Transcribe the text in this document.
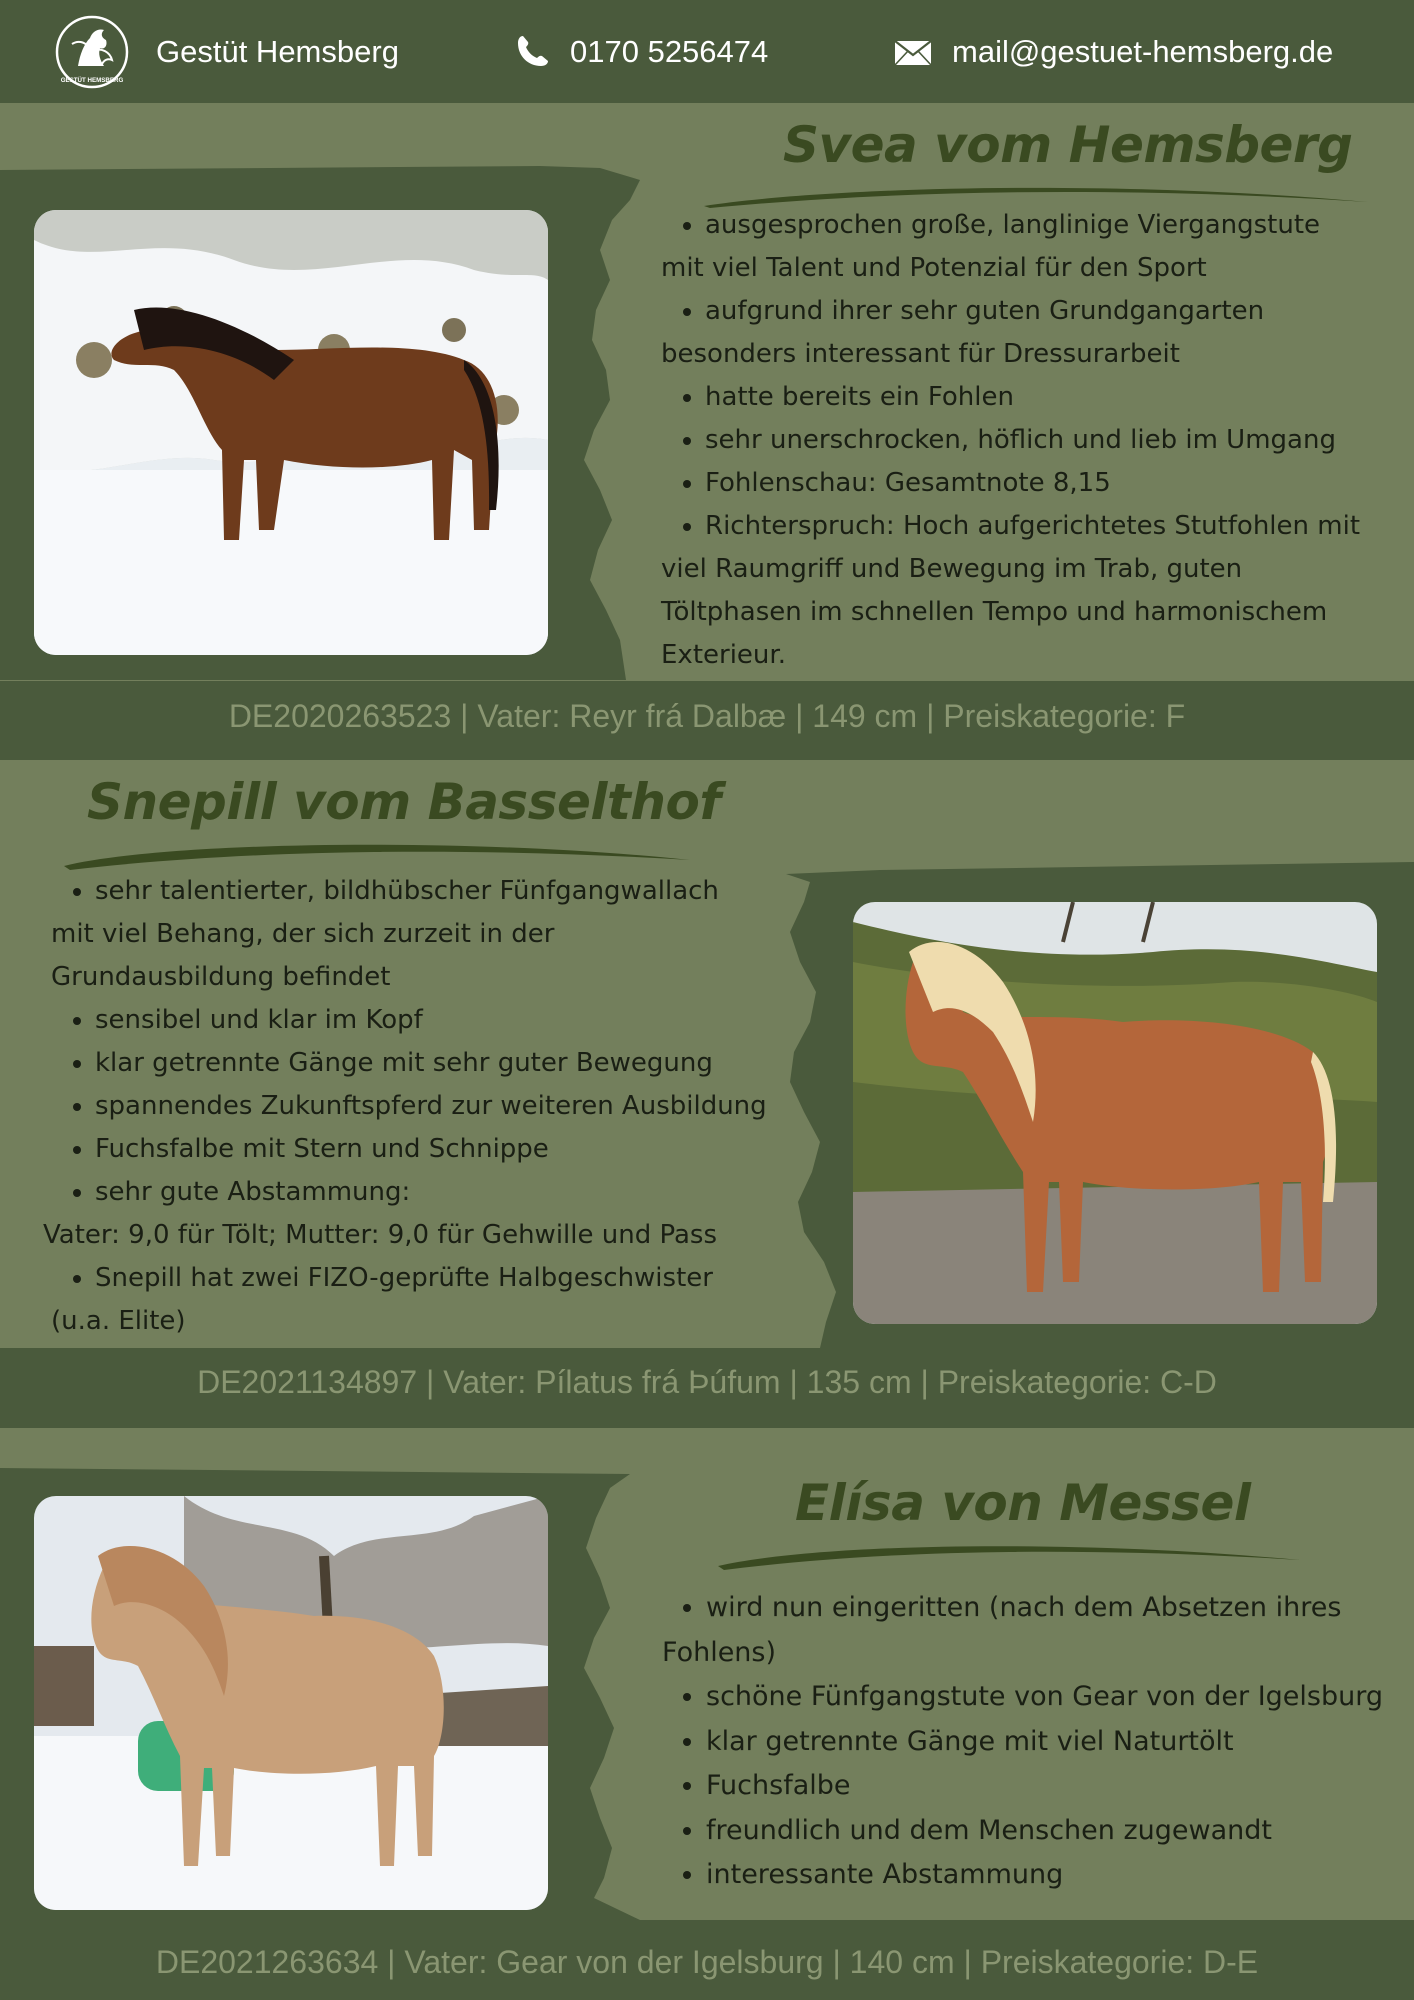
GESTÜT HEMSBERG
Gestüt Hemsberg	0170 5256474	mail@gestuet-hemsberg.de
Svea vom Hemsberg
• ausgesprochen große, langlinige Viergangstute
mit viel Talent und Potenzial für den Sport
• aufgrund ihrer sehr guten Grundgangarten
besonders interessant für Dressurarbeit
• hatte bereits ein Fohlen
• sehr unerschrocken, höflich und lieb im Umgang
• Fohlenschau: Gesamtnote 8,15
• Richterspruch: Hoch aufgerichtetes Stutfohlen mit
viel Raumgriff und Bewegung im Trab, guten
Töltphasen im schnellen Tempo und harmonischem
Exterieur.
DE2020263523 | Vater: Reyr frá Dalbæ | 149 cm | Preiskategorie: F
Snepill vom Basselthof
• sehr talentierter, bildhübscher Fünfgangwallach
mit viel Behang, der sich zurzeit in der
Grundausbildung befindet
• sensibel und klar im Kopf
• klar getrennte Gänge mit sehr guter Bewegung
• spannendes Zukunftspferd zur weiteren Ausbildung
• Fuchsfalbe mit Stern und Schnippe
• sehr gute Abstammung:
Vater: 9,0 für Tölt; Mutter: 9,0 für Gehwille und Pass
• Snepill hat zwei FIZO-geprüfte Halbgeschwister
(u.a. Elite)
DE2021134897 | Vater: Pílatus frá Þúfum | 135 cm | Preiskategorie: C-D
Elísa von Messel
• wird nun eingeritten (nach dem Absetzen ihres
Fohlens)
• schöne Fünfgangstute von Gear von der Igelsburg
• klar getrennte Gänge mit viel Naturtölt
• Fuchsfalbe
• freundlich und dem Menschen zugewandt
• interessante Abstammung
DE2021263634 | Vater: Gear von der Igelsburg | 140 cm | Preiskategorie: D-E
